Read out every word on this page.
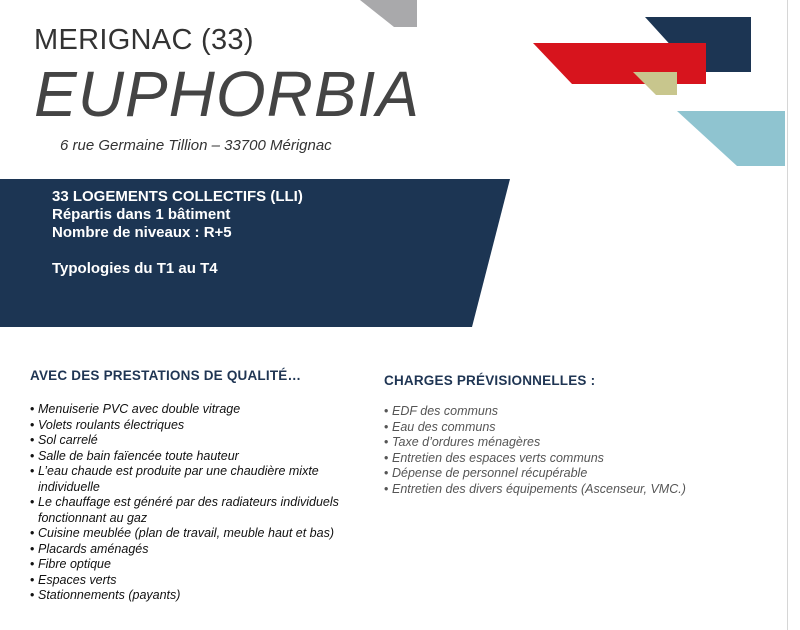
MERIGNAC (33)
EUPHORBIA
6 rue Germaine Tillion – 33700 Mérignac
33 LOGEMENTS COLLECTIFS (LLI)
Répartis dans 1 bâtiment
Nombre de niveaux : R+5
Typologies du T1 au T4
AVEC DES PRESTATIONS DE QUALITÉ…
• Menuiserie PVC avec double vitrage
• Volets roulants électriques
• Sol carrelé
• Salle de bain faïencée toute hauteur
• L’eau chaude est produite par une chaudière mixte individuelle
• Le chauffage est généré par des radiateurs individuels fonctionnant au gaz
• Cuisine meublée (plan de travail, meuble haut et bas)
• Placards aménagés
• Fibre optique
• Espaces verts
• Stationnements (payants)
CHARGES PRÉVISIONNELLES :
• EDF des communs
• Eau des communs
• Taxe d’ordures ménagères
• Entretien des espaces verts communs
• Dépense de personnel récupérable
• Entretien des divers équipements (Ascenseur, VMC.)
